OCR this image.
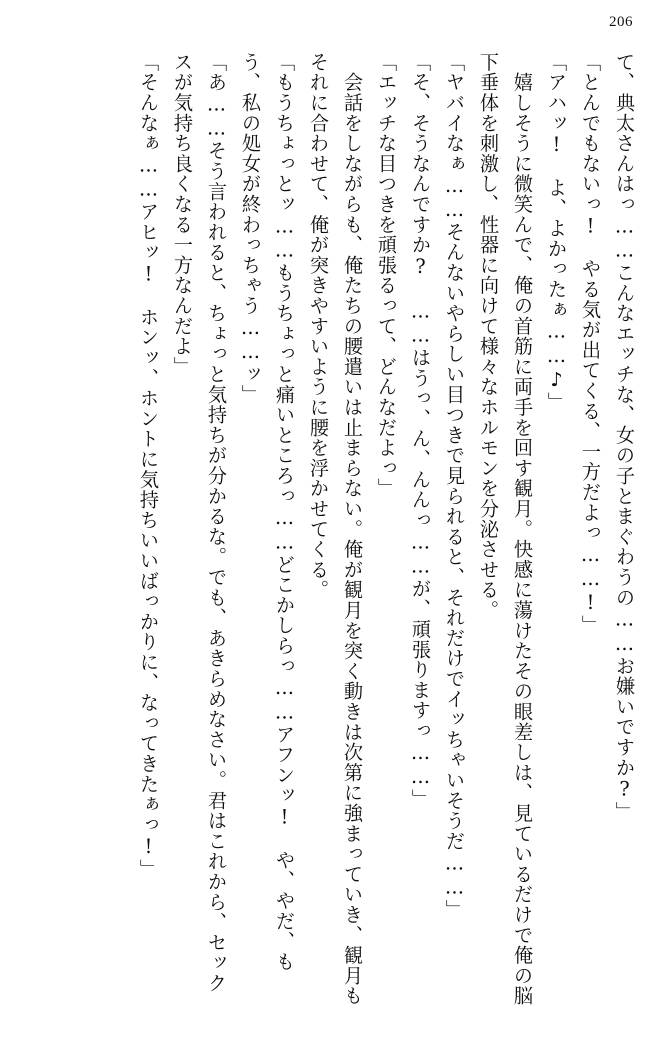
206
て、典太さんはっ……こんなエッチな、女の子とまぐわうの……お嫌いですか?」
「とんでもないっ!　やる気が出てくる、一方だよっ……!」
「アハッ!　よ、よかったぁ……♪」
　嬉しそうに微笑んで、俺の首筋に両手を回す観月。快感に蕩けたその眼差しは、見ているだけで俺の脳下垂体を刺激し、性器に向けて様々なホルモンを分泌させる。
「ヤバイなぁ……そんないやらしい目つきで見られると、それだけでイッちゃいそうだ……」
「そ、そうなんですか?　……はうっ、ん、んんっ……が、頑張りますっ……」
「エッチな目つきを頑張るって、どんなだよっ」
　会話をしながらも、俺たちの腰遣いは止まらない。俺が観月を突く動きは次第に強まっていき、観月もそれに合わせて、俺が突きやすいように腰を浮かせてくる。
「もうちょっとッ……もうちょっと痛いところっ……どこかしらっ……アフンッ!　や、やだ、もう、私の処女が終わっちゃう……ッ」
「あ……そう言われると、ちょっと気持ちが分かるな。でも、あきらめなさい。君はこれから、セックスが気持ち良くなる一方なんだよ」
「そんなぁ……アヒッ!　ホンッ、ホントに気持ちいいばっかりに、なってきたぁっ!」
